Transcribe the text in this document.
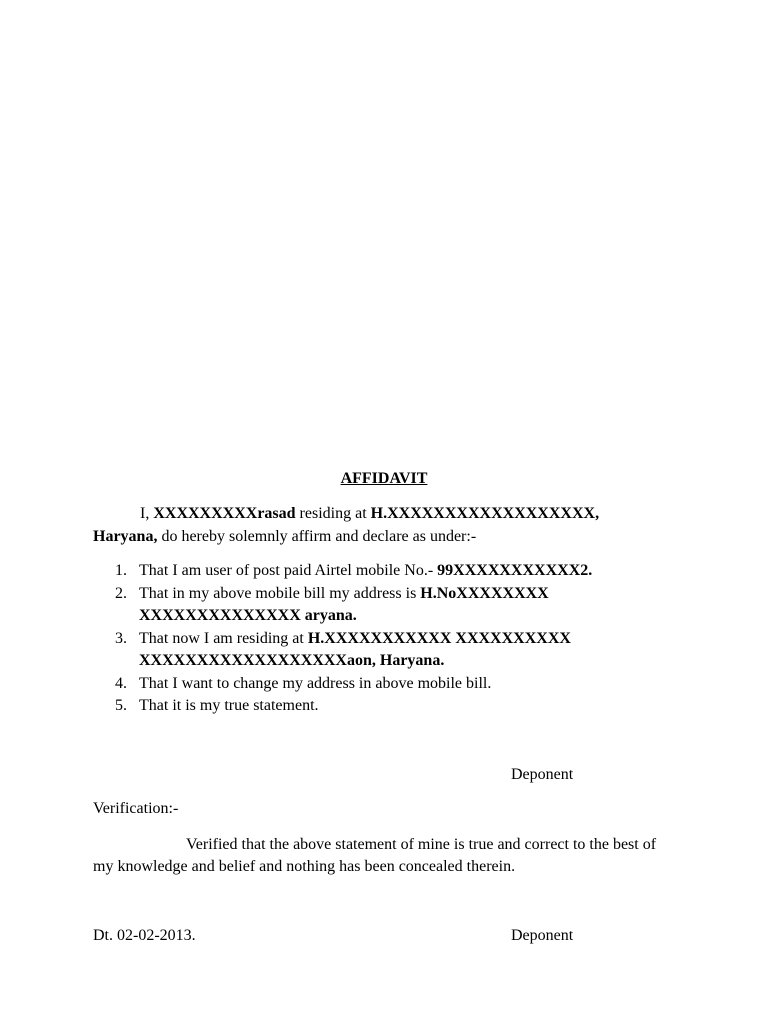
AFFIDAVIT
I, XXXXXXXXXrasad residing at H.XXXXXXXXXXXXXXXXXX,
Haryana, do hereby solemnly affirm and declare as under:-
1. That I am user of post paid Airtel mobile No.- 99XXXXXXXXXXX2.
2. That in my above mobile bill my address is H.NoXXXXXXXX
XXXXXXXXXXXXXX aryana.
3. That now I am residing at H.XXXXXXXXXXX XXXXXXXXXX
XXXXXXXXXXXXXXXXXXaon, Haryana.
4. That I want to change my address in above mobile bill.
5. That it is my true statement.
Deponent
Verification:-
Verified that the above statement of mine is true and correct to the best of my knowledge and belief and nothing has been concealed therein.
Dt. 02-02-2013.	Deponent
